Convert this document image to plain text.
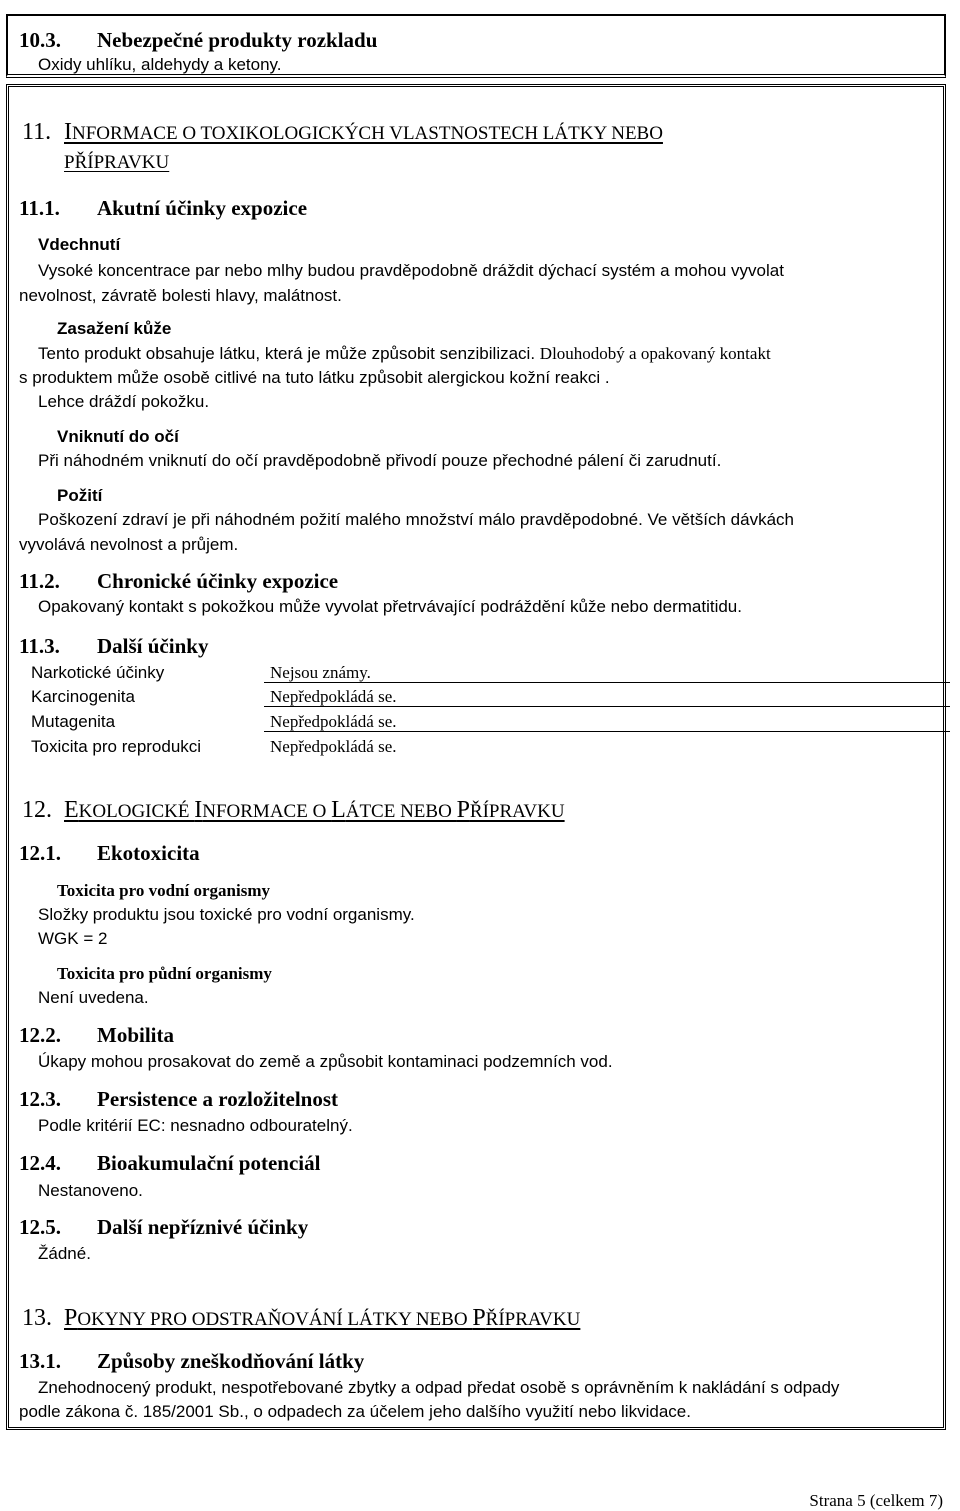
10.3. Nebezpečné produkty rozkladu
Oxidy uhlíku, aldehydy a ketony.
11. INFORMACE O TOXIKOLOGICKÝCH VLASTNOSTECH LÁTKY NEBO
PŘÍPRAVKU
11.1. Akutní účinky expozice
Vdechnutí
Vysoké koncentrace par nebo mlhy budou pravděpodobně dráždit dýchací systém a mohou vyvolat
nevolnost, závratě bolesti hlavy, malátnost.
Zasažení kůže
Tento produkt obsahuje látku, která je může způsobit senzibilizaci. Dlouhodobý a opakovaný kontakt
s produktem může osobě citlivé na tuto látku způsobit alergickou kožní reakci .
Lehce dráždí pokožku.
Vniknutí do očí
Při náhodném vniknutí do očí pravděpodobně přivodí pouze přechodné pálení či zarudnutí.
Požití
Poškození zdraví je při náhodném požití malého množství málo pravděpodobné. Ve větších dávkách
vyvolává nevolnost a průjem.
11.2. Chronické účinky expozice
Opakovaný kontakt s pokožkou může vyvolat přetrvávající podráždění kůže nebo dermatitidu.
11.3. Další účinky
Narkotické účinky	Nejsou známy.
Karcinogenita	Nepředpokládá se.
Mutagenita	Nepředpokládá se.
Toxicita pro reprodukci	Nepředpokládá se.
12. EKOLOGICKÉ INFORMACE O LÁTCE NEBO PŘÍPRAVKU
12.1. Ekotoxicita
Toxicita pro vodní organismy
Složky produktu jsou toxické pro vodní organismy.
WGK = 2
Toxicita pro půdní organismy
Není uvedena.
12.2. Mobilita
Úkapy mohou prosakovat do země a způsobit kontaminaci podzemních vod.
12.3. Persistence a rozložitelnost
Podle kritérií EC: nesnadno odbouratelný.
12.4. Bioakumulační potenciál
Nestanoveno.
12.5. Další nepříznivé účinky
Žádné.
13. POKYNY PRO ODSTRAŇOVÁNÍ LÁTKY NEBO PŘÍPRAVKU
13.1. Způsoby zneškodňování látky
Znehodnocený produkt, nespotřebované zbytky a odpad předat osobě s oprávněním k nakládání s odpady
podle zákona č. 185/2001 Sb., o odpadech za účelem jeho dalšího využití nebo likvidace.
Strana 5 (celkem 7)
